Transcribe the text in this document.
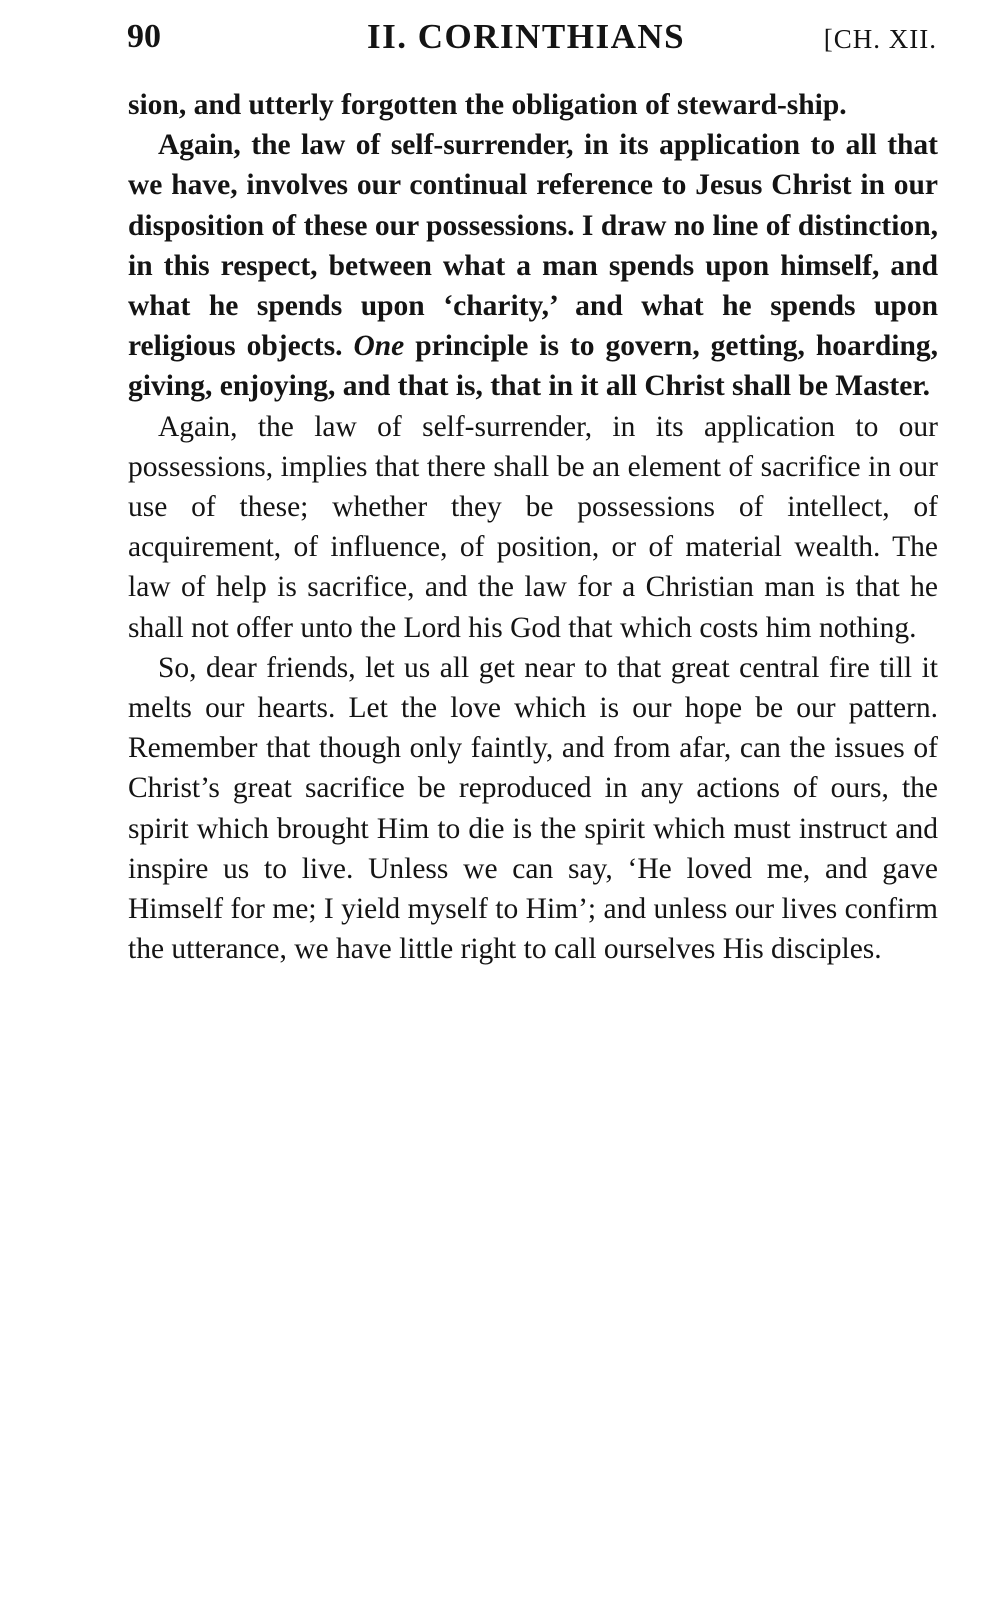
90	II. CORINTHIANS	[CH. XII.

sion, and utterly forgotten the obligation of steward-ship.

Again, the law of self-surrender, in its application to all that we have, involves our continual reference to Jesus Christ in our disposition of these our possessions. I draw no line of distinction, in this respect, between what a man spends upon himself, and what he spends upon ‘charity,’ and what he spends upon religious objects. One principle is to govern, getting, hoarding, giving, enjoying, and that is, that in it all Christ shall be Master.

Again, the law of self-surrender, in its application to our possessions, implies that there shall be an element of sacrifice in our use of these; whether they be possessions of intellect, of acquirement, of influence, of position, or of material wealth. The law of help is sacrifice, and the law for a Christian man is that he shall not offer unto the Lord his God that which costs him nothing.

So, dear friends, let us all get near to that great central fire till it melts our hearts. Let the love which is our hope be our pattern. Remember that though only faintly, and from afar, can the issues of Christ’s great sacrifice be reproduced in any actions of ours, the spirit which brought Him to die is the spirit which must instruct and inspire us to live. Unless we can say, ‘He loved me, and gave Himself for me; I yield myself to Him’; and unless our lives confirm the utterance, we have little right to call ourselves His disciples.
